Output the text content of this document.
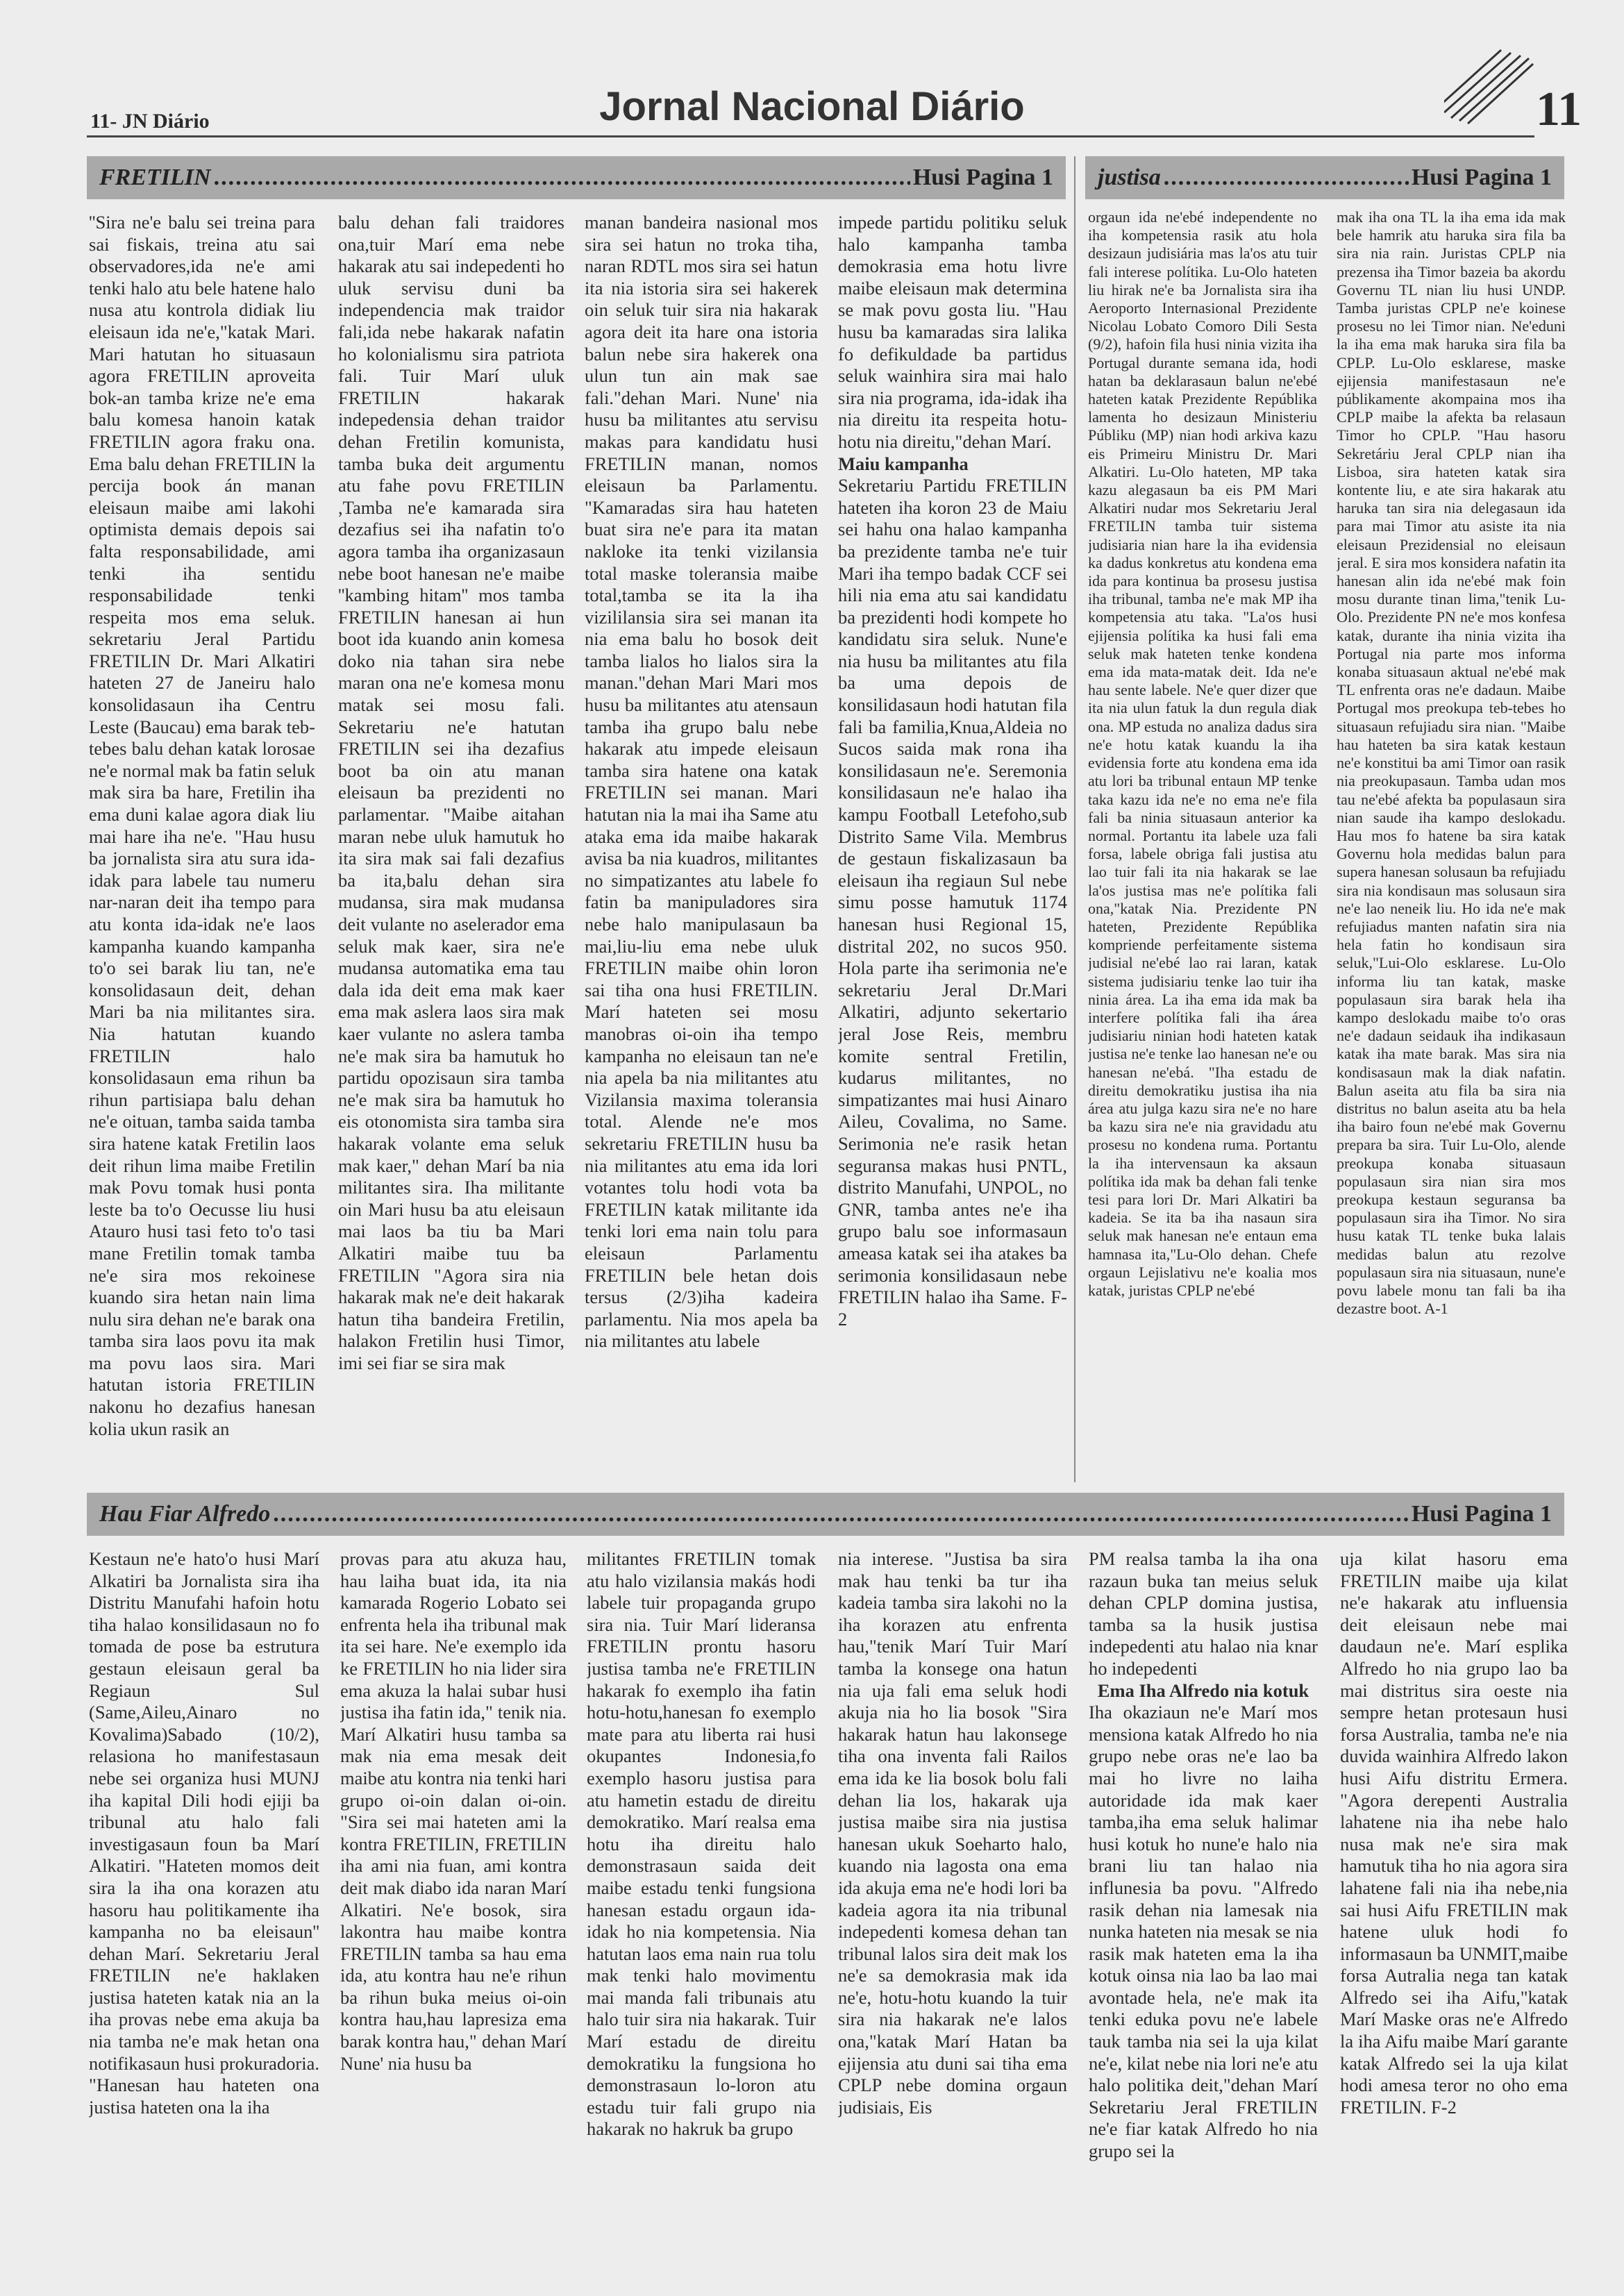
11- JN Diário	Jornal Nacional Diário	11
FRETILIN .....	Husi Pagina 1

''Sira ne'e balu sei treina para sai fiskais, treina atu sai observadores,ida ne'e ami tenki halo atu bele hatene halo nusa atu kontrola didiak liu eleisaun ida ne'e,"katak Mari. Mari hatutan ho situasaun agora FRETILIN aproveita bok-an tamba krize ne'e ema balu komesa hanoin katak FRETILIN agora fraku ona. Ema balu dehan FRETILIN la percija book án manan eleisaun maibe ami lakohi optimista demais depois sai falta responsabilidade, ami tenki iha sentidu responsabilidade tenki respeita mos ema seluk. sekretariu Jeral Partidu FRETILIN Dr. Mari Alkatiri hateten 27 de Janeiru halo konsolidasaun iha Centru Leste (Baucau) ema barak teb-tebes balu dehan katak lorosae ne'e normal mak ba fatin seluk mak sira ba hare, Fretilin iha ema duni kalae agora diak liu mai hare iha ne'e. "Hau husu ba jornalista sira atu sura ida-idak para labele tau numeru nar-naran deit iha tempo para atu konta ida-idak ne'e laos kampanha kuando kampanha to'o sei barak liu tan, ne'e konsolidasaun deit, dehan Mari ba nia militantes sira. Nia hatutan kuando FRETILIN halo konsolidasaun ema rihun ba rihun partisiapa balu dehan ne'e oituan, tamba saida tamba sira hatene katak Fretilin laos deit rihun lima maibe Fretilin mak Povu tomak husi ponta leste ba to'o Oecusse liu husi Atauro husi tasi feto to'o tasi mane Fretilin tomak tamba ne'e sira mos rekoinese kuando sira hetan nain lima nulu sira dehan ne'e barak ona tamba sira laos povu ita mak ma povu laos sira. Mari hatutan istoria FRETILIN nakonu ho dezafius hanesan kolia ukun rasik an

balu dehan fali traidores ona,tuir Marí ema nebe hakarak atu sai indepedenti ho uluk servisu duni ba independencia mak traidor fali,ida nebe hakarak nafatin ho kolonialismu sira patriota fali. Tuir Marí uluk FRETILIN hakarak indepedensia dehan traidor dehan Fretilin komunista, tamba buka deit argumentu atu fahe povu FRETILIN ,Tamba ne'e kamarada sira dezafius sei iha nafatin to'o agora tamba iha organizasaun nebe boot hanesan ne'e maibe ''kambing hitam'' mos tamba FRETILIN hanesan ai hun boot ida kuando anin komesa doko nia tahan sira nebe maran ona ne'e komesa monu matak sei mosu fali. Sekretariu ne'e hatutan FRETILIN sei iha dezafius boot ba oin atu manan eleisaun ba prezidenti no parlamentar. "Maibe aitahan maran nebe uluk hamutuk ho ita sira mak sai fali dezafius ba ita,balu dehan sira mudansa, sira mak mudansa deit vulante no aselerador ema seluk mak kaer, sira ne'e mudansa automatika ema tau dala ida deit ema mak kaer ema mak aslera laos sira mak kaer vulante no aslera tamba ne'e mak sira ba hamutuk ho partidu opozisaun sira tamba ne'e mak sira ba hamutuk ho eis otonomista sira tamba sira hakarak volante ema seluk mak kaer," dehan Marí ba nia militantes sira. Iha militante oin Mari husu ba atu eleisaun mai laos ba tiu ba Mari Alkatiri maibe tuu ba FRETILIN "Agora sira nia hakarak mak ne'e deit hakarak hatun tiha bandeira Fretilin, halakon Fretilin husi Timor, imi sei fiar se sira mak

manan bandeira nasional mos sira sei hatun no troka tiha, naran RDTL mos sira sei hatun ita nia istoria sira sei hakerek oin seluk tuir sira nia hakarak agora deit ita hare ona istoria balun nebe sira hakerek ona ulun tun ain mak sae fali."dehan Mari. Nune' nia husu ba militantes atu servisu makas para kandidatu husi FRETILIN manan, nomos eleisaun ba Parlamentu. "Kamaradas sira hau hateten buat sira ne'e para ita matan nakloke ita tenki vizilansia total maske toleransia maibe total,tamba se ita la iha vizililansia sira sei manan ita nia ema balu ho bosok deit tamba lialos ho lialos sira la manan."dehan Mari Mari mos husu ba militantes atu atensaun tamba iha grupo balu nebe hakarak atu impede eleisaun tamba sira hatene ona katak FRETILIN sei manan. Mari hatutan nia la mai iha Same atu ataka ema ida maibe hakarak avisa ba nia kuadros, militantes no simpatizantes atu labele fo fatin ba manipuladores sira nebe halo manipulasaun ba mai,liu-liu ema nebe uluk FRETILIN maibe ohin loron sai tiha ona husi FRETILIN. Marí hateten sei mosu manobras oi-oin iha tempo kampanha no eleisaun tan ne'e nia apela ba nia militantes atu Vizilansia maxima toleransia total. Alende ne'e mos sekretariu FRETILIN husu ba nia militantes atu ema ida lori votantes tolu hodi vota ba FRETILIN katak militante ida tenki lori ema nain tolu para eleisaun Parlamentu FRETILIN bele hetan dois tersus (2/3)iha kadeira parlamentu. Nia mos apela ba nia militantes atu labele

impede partidu politiku seluk halo kampanha tamba demokrasia ema hotu livre maibe eleisaun mak determina se mak povu gosta liu. "Hau husu ba kamaradas sira lalika fo defikuldade ba partidus seluk wainhira sira mai halo sira nia programa, ida-idak iha nia direitu ita respeita hotu-hotu nia direitu,"dehan Marí.

Maiu kampanha

Sekretariu Partidu FRETILIN hateten iha koron 23 de Maiu sei hahu ona halao kampanha ba prezidente tamba ne'e tuir Mari iha tempo badak CCF sei hili nia ema atu sai kandidatu ba prezidenti hodi kompete ho kandidatu sira seluk. Nune'e nia husu ba militantes atu fila ba uma depois de konsilidasaun hodi hatutan fila fali ba familia,Knua,Aldeia no Sucos saida mak rona iha konsilidasaun ne'e. Seremonia konsilidasaun ne'e halao iha kampu Football Letefoho,sub Distrito Same Vila. Membrus de gestaun fiskalizasaun ba eleisaun iha regiaun Sul nebe simu posse hamutuk 1174 hanesan husi Regional 15, distrital 202, no sucos 950. Hola parte iha serimonia ne'e sekretariu Jeral Dr.Mari Alkatiri, adjunto sekertario jeral Jose Reis, membru komite sentral Fretilin, kudarus militantes, no simpatizantes mai husi Ainaro Aileu, Covalima, no Same. Serimonia ne'e rasik hetan seguransa makas husi PNTL, distrito Manufahi, UNPOL, no GNR, tamba antes ne'e iha grupo balu soe informasaun ameasa katak sei iha atakes ba serimonia konsilidasaun nebe FRETILIN halao iha Same. F-2

justisa .....	Husi Pagina 1

orgaun ida ne'ebé independente no iha kompetensia rasik atu hola desizaun judisiária mas la'os atu tuir fali interese polítika. Lu-Olo hateten liu hirak ne'e ba Jornalista sira iha Aeroporto Internasional Prezidente Nicolau Lobato Comoro Dili Sesta (9/2), hafoin fila husi ninia vizita iha Portugal durante semana ida, hodi hatan ba deklarasaun balun ne'ebé hateten katak Prezidente Repúblika lamenta ho desizaun Ministeriu Públiku (MP) nian hodi arkiva kazu eis Primeiru Ministru Dr. Mari Alkatiri. Lu-Olo hateten, MP taka kazu alegasaun ba eis PM Mari Alkatiri nudar mos Sekretariu Jeral FRETILIN tamba tuir sistema judisiaria nian hare la iha evidensia ka dadus konkretus atu kondena ema ida para kontinua ba prosesu justisa iha tribunal, tamba ne'e mak MP iha kompetensia atu taka. "La'os husi ejijensia polítika ka husi fali ema seluk mak hateten tenke kondena ema ida mata-matak deit. Ida ne'e hau sente labele. Ne'e quer dizer que ita nia ulun fatuk la dun regula diak ona. MP estuda no analiza dadus sira ne'e hotu katak kuandu la iha evidensia forte atu kondena ema ida atu lori ba tribunal entaun MP tenke taka kazu ida ne'e no ema ne'e fila fali ba ninia situasaun anterior ka normal. Portantu ita labele uza fali forsa, labele obriga fali justisa atu lao tuir fali ita nia hakarak se lae la'os justisa mas ne'e polítika fali ona,"katak Nia. Prezidente PN hateten, Prezidente Repúblika kompriende perfeitamente sistema judisial ne'ebé lao rai laran, katak sistema judisiariu tenke lao tuir iha ninia área. La iha ema ida mak ba interfere polítika fali iha área judisiariu ninian hodi hateten katak justisa ne'e tenke lao hanesan ne'e ou hanesan ne'ebá. "Iha estadu de direitu demokratiku justisa iha nia área atu julga kazu sira ne'e no hare ba kazu sira ne'e nia gravidadu atu prosesu no kondena ruma. Portantu la iha intervensaun ka aksaun polítika ida mak ba dehan fali tenke tesi para lori Dr. Mari Alkatiri ba kadeia. Se ita ba iha nasaun sira seluk mak hanesan ne'e entaun ema hamnasa ita,"Lu-Olo dehan. Chefe orgaun Lejislativu ne'e koalia mos katak, juristas CPLP ne'ebé

mak iha ona TL la iha ema ida mak bele hamrik atu haruka sira fila ba sira nia rain. Juristas CPLP nia prezensa iha Timor bazeia ba akordu Governu TL nian liu husi UNDP. Tamba juristas CPLP ne'e koinese prosesu no lei Timor nian. Ne'eduni la iha ema mak haruka sira fila ba CPLP. Lu-Olo esklarese, maske ejijensia manifestasaun ne'e públikamente akompaina mos iha CPLP maibe la afekta ba relasaun Timor ho CPLP. "Hau hasoru Sekretáriu Jeral CPLP nian iha Lisboa, sira hateten katak sira kontente liu, e ate sira hakarak atu haruka tan sira nia delegasaun ida para mai Timor atu asiste ita nia eleisaun Prezidensial no eleisaun jeral. E sira mos konsidera nafatin ita hanesan alin ida ne'ebé mak foin mosu durante tinan lima,"tenik Lu-Olo. Prezidente PN ne'e mos konfesa katak, durante iha ninia vizita iha Portugal nia parte mos informa konaba situasaun aktual ne'ebé mak TL enfrenta oras ne'e dadaun. Maibe Portugal mos preokupa teb-tebes ho situasaun refujiadu sira nian. "Maibe hau hateten ba sira katak kestaun ne'e konstitui ba ami Timor oan rasik nia preokupasaun. Tamba udan mos tau ne'ebé afekta ba populasaun sira nian saude iha kampo deslokadu. Hau mos fo hatene ba sira katak Governu hola medidas balun para supera hanesan solusaun ba refujiadu sira nia kondisaun mas solusaun sira ne'e lao neneik liu. Ho ida ne'e mak refujiadus manten nafatin sira nia hela fatin ho kondisaun sira seluk,"Lui-Olo esklarese. Lu-Olo informa liu tan katak, maske populasaun sira barak hela iha kampo deslokadu maibe to'o oras ne'e dadaun seidauk iha indikasaun katak iha mate barak. Mas sira nia kondisasaun mak la diak nafatin. Balun aseita atu fila ba sira nia distritus no balun aseita atu ba hela iha bairo foun ne'ebé mak Governu prepara ba sira. Tuir Lu-Olo, alende preokupa konaba situasaun populasaun sira nian sira mos preokupa kestaun seguransa ba populasaun sira iha Timor. No sira husu katak TL tenke buka lalais medidas balun atu rezolve populasaun sira nia situasaun, nune'e povu labele monu tan fali ba iha dezastre boot. A-1

Hau Fiar Alfredo .....	Husi Pagina 1

Kestaun ne'e hato'o husi Marí Alkatiri ba Jornalista sira iha Distritu Manufahi hafoin hotu tiha halao konsilidasaun no fo tomada de pose ba estrutura gestaun eleisaun geral ba Regiaun Sul (Same,Aileu,Ainaro no Kovalima)Sabado (10/2), relasiona ho manifestasaun nebe sei organiza husi MUNJ iha kapital Dili hodi ejiji ba tribunal atu halo fali investigasaun foun ba Marí Alkatiri. "Hateten momos deit sira la iha ona korazen atu hasoru hau politikamente iha kampanha no ba eleisaun'' dehan Marí. Sekretariu Jeral FRETILIN ne'e haklaken justisa hateten katak nia an la iha provas nebe ema akuja ba nia tamba ne'e mak hetan ona notifikasaun husi prokuradoria. "Hanesan hau hateten ona justisa hateten ona la iha

provas para atu akuza hau, hau laiha buat ida, ita nia kamarada Rogerio Lobato sei enfrenta hela iha tribunal mak ita sei hare. Ne'e exemplo ida ke FRETILIN ho nia lider sira ema akuza la halai subar husi justisa iha fatin ida," tenik nia. Marí Alkatiri husu tamba sa mak nia ema mesak deit maibe atu kontra nia tenki hari grupo oi-oin dalan oi-oin. "Sira sei mai hateten ami la kontra FRETILIN, FRETILIN iha ami nia fuan, ami kontra deit mak diabo ida naran Marí Alkatiri. Ne'e bosok, sira lakontra hau maibe kontra FRETILIN tamba sa hau ema ida, atu kontra hau ne'e rihun ba rihun buka meius oi-oin kontra hau,hau lapresiza ema barak kontra hau," dehan Marí Nune' nia husu ba

militantes FRETILIN tomak atu halo vizilansia makás hodi labele tuir propaganda grupo sira nia. Tuir Marí lideransa FRETILIN prontu hasoru justisa tamba ne'e FRETILIN hakarak fo exemplo iha fatin hotu-hotu,hanesan fo exemplo mate para atu liberta rai husi okupantes Indonesia,fo exemplo hasoru justisa para atu hametin estadu de direitu demokratiko. Marí realsa ema hotu iha direitu halo demonstrasaun saida deit maibe estadu tenki fungsiona hanesan estadu orgaun ida-idak ho nia kompetensia. Nia hatutan laos ema nain rua tolu mak tenki halo movimentu mai manda fali tribunais atu halo tuir sira nia hakarak. Tuir Marí estadu de direitu demokratiku la fungsiona ho demonstrasaun lo-loron atu estadu tuir fali grupo nia hakarak no hakruk ba grupo

nia interese. "Justisa ba sira mak hau tenki ba tur iha kadeia tamba sira lakohi no la iha korazen atu enfrenta hau,"tenik Marí Tuir Marí tamba la konsege ona hatun nia uja fali ema seluk hodi akuja nia ho lia bosok "Sira hakarak hatun hau lakonsege tiha ona inventa fali Railos ema ida ke lia bosok bolu fali dehan lia los, hakarak uja justisa maibe sira nia justisa hanesan ukuk Soeharto halo, kuando nia lagosta ona ema ida akuja ema ne'e hodi lori ba kadeia agora ita nia tribunal indepedenti komesa dehan tan tribunal lalos sira deit mak los ne'e sa demokrasia mak ida ne'e, hotu-hotu kuando la tuir sira nia hakarak ne'e lalos ona,"katak Marí Hatan ba ejijensia atu duni sai tiha ema CPLP nebe domina orgaun judisiais, Eis

PM realsa tamba la iha ona razaun buka tan meius seluk dehan CPLP domina justisa, tamba sa la husik justisa indepedenti atu halao nia knar ho indepedenti

Ema Iha Alfredo nia kotuk

Iha okaziaun ne'e Marí mos mensiona katak Alfredo ho nia grupo nebe oras ne'e lao ba mai ho livre no laiha autoridade ida mak kaer tamba,iha ema seluk halimar husi kotuk ho nune'e halo nia brani liu tan halao nia influnesia ba povu. "Alfredo rasik dehan nia lamesak nia nunka hateten nia mesak se nia rasik mak hateten ema la iha kotuk oinsa nia lao ba lao mai avontade hela, ne'e mak ita tenki eduka povu ne'e labele tauk tamba nia sei la uja kilat ne'e, kilat nebe nia lori ne'e atu halo politika deit,"dehan Marí Sekretariu Jeral FRETILIN ne'e fiar katak Alfredo ho nia grupo sei la

uja kilat hasoru ema FRETILIN maibe uja kilat ne'e hakarak atu influensia deit eleisaun nebe mai daudaun ne'e. Marí esplika Alfredo ho nia grupo lao ba mai distritus sira oeste nia sempre hetan protesaun husi forsa Australia, tamba ne'e nia duvida wainhira Alfredo lakon husi Aifu distritu Ermera. "Agora derepenti Australia lahatene nia iha nebe halo nusa mak ne'e sira mak hamutuk tiha ho nia agora sira lahatene fali nia iha nebe,nia sai husi Aifu FRETILIN mak hatene uluk hodi fo informasaun ba UNMIT,maibe forsa Autralia nega tan katak Alfredo sei iha Aifu,"katak Marí Maske oras ne'e Alfredo la iha Aifu maibe Marí garante katak Alfredo sei la uja kilat hodi amesa teror no oho ema FRETILIN. F-2
